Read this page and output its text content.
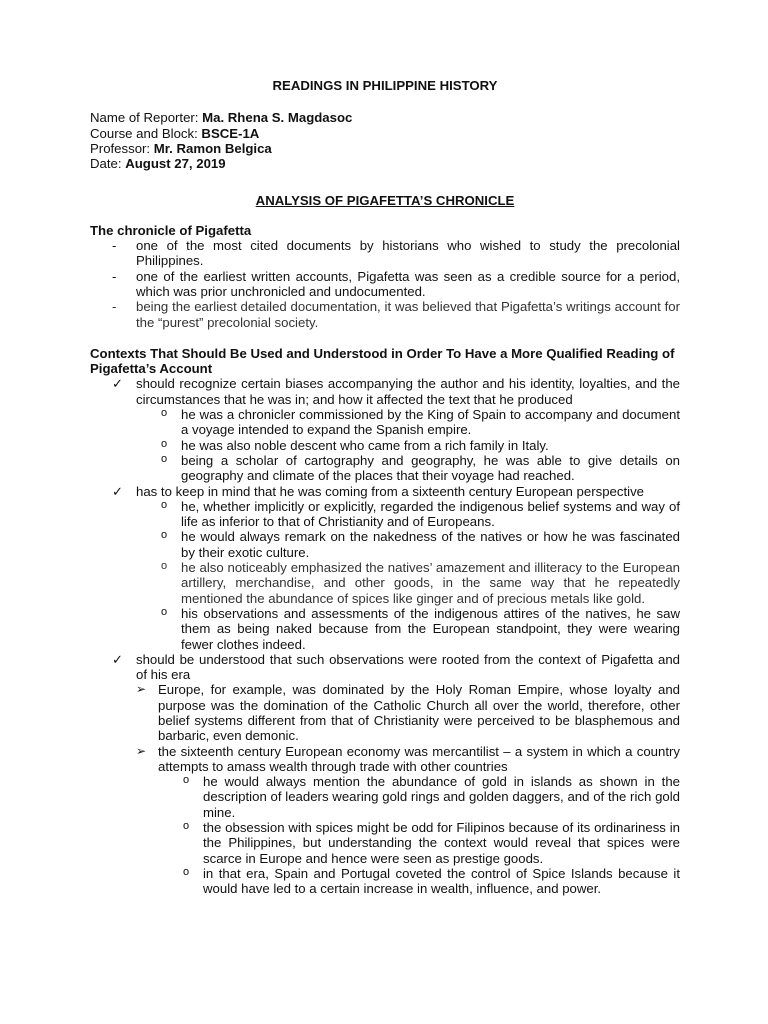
READINGS IN PHILIPPINE HISTORY

Name of Reporter: Ma. Rhena S. Magdasoc

Course and Block: BSCE-1A

Professor: Mr. Ramon Belgica

Date: August 27, 2019

ANALYSIS OF PIGAFETTA’S CHRONICLE
The chronicle of Pigafetta
- one of the most cited documents by historians who wished to study the precolonial Philippines.
- one of the earliest written accounts, Pigafetta was seen as a credible source for a period, which was prior unchronicled and undocumented.
- being the earliest detailed documentation, it was believed that Pigafetta’s writings account for the “purest” precolonial society.
Contexts That Should Be Used and Understood in Order To Have a More Qualified Reading of Pigafetta’s Account
✓ should recognize certain biases accompanying the author and his identity, loyalties, and the circumstances that he was in; and how it affected the text that he produced
o he was a chronicler commissioned by the King of Spain to accompany and document a voyage intended to expand the Spanish empire.
o he was also noble descent who came from a rich family in Italy.
o being a scholar of cartography and geography, he was able to give details on geography and climate of the places that their voyage had reached.
✓ has to keep in mind that he was coming from a sixteenth century European perspective
o he, whether implicitly or explicitly, regarded the indigenous belief systems and way of life as inferior to that of Christianity and of Europeans.
o he would always remark on the nakedness of the natives or how he was fascinated by their exotic culture.
o he also noticeably emphasized the natives’ amazement and illiteracy to the European artillery, merchandise, and other goods, in the same way that he repeatedly mentioned the abundance of spices like ginger and of precious metals like gold.
o his observations and assessments of the indigenous attires of the natives, he saw them as being naked because from the European standpoint, they were wearing fewer clothes indeed.
✓ should be understood that such observations were rooted from the context of Pigafetta and of his era
➢ Europe, for example, was dominated by the Holy Roman Empire, whose loyalty and purpose was the domination of the Catholic Church all over the world, therefore, other belief systems different from that of Christianity were perceived to be blasphemous and barbaric, even demonic.
➢ the sixteenth century European economy was mercantilist – a system in which a country attempts to amass wealth through trade with other countries
o he would always mention the abundance of gold in islands as shown in the description of leaders wearing gold rings and golden daggers, and of the rich gold mine.
o the obsession with spices might be odd for Filipinos because of its ordinariness in the Philippines, but understanding the context would reveal that spices were scarce in Europe and hence were seen as prestige goods.
o in that era, Spain and Portugal coveted the control of Spice Islands because it would have led to a certain increase in wealth, influence, and power.
